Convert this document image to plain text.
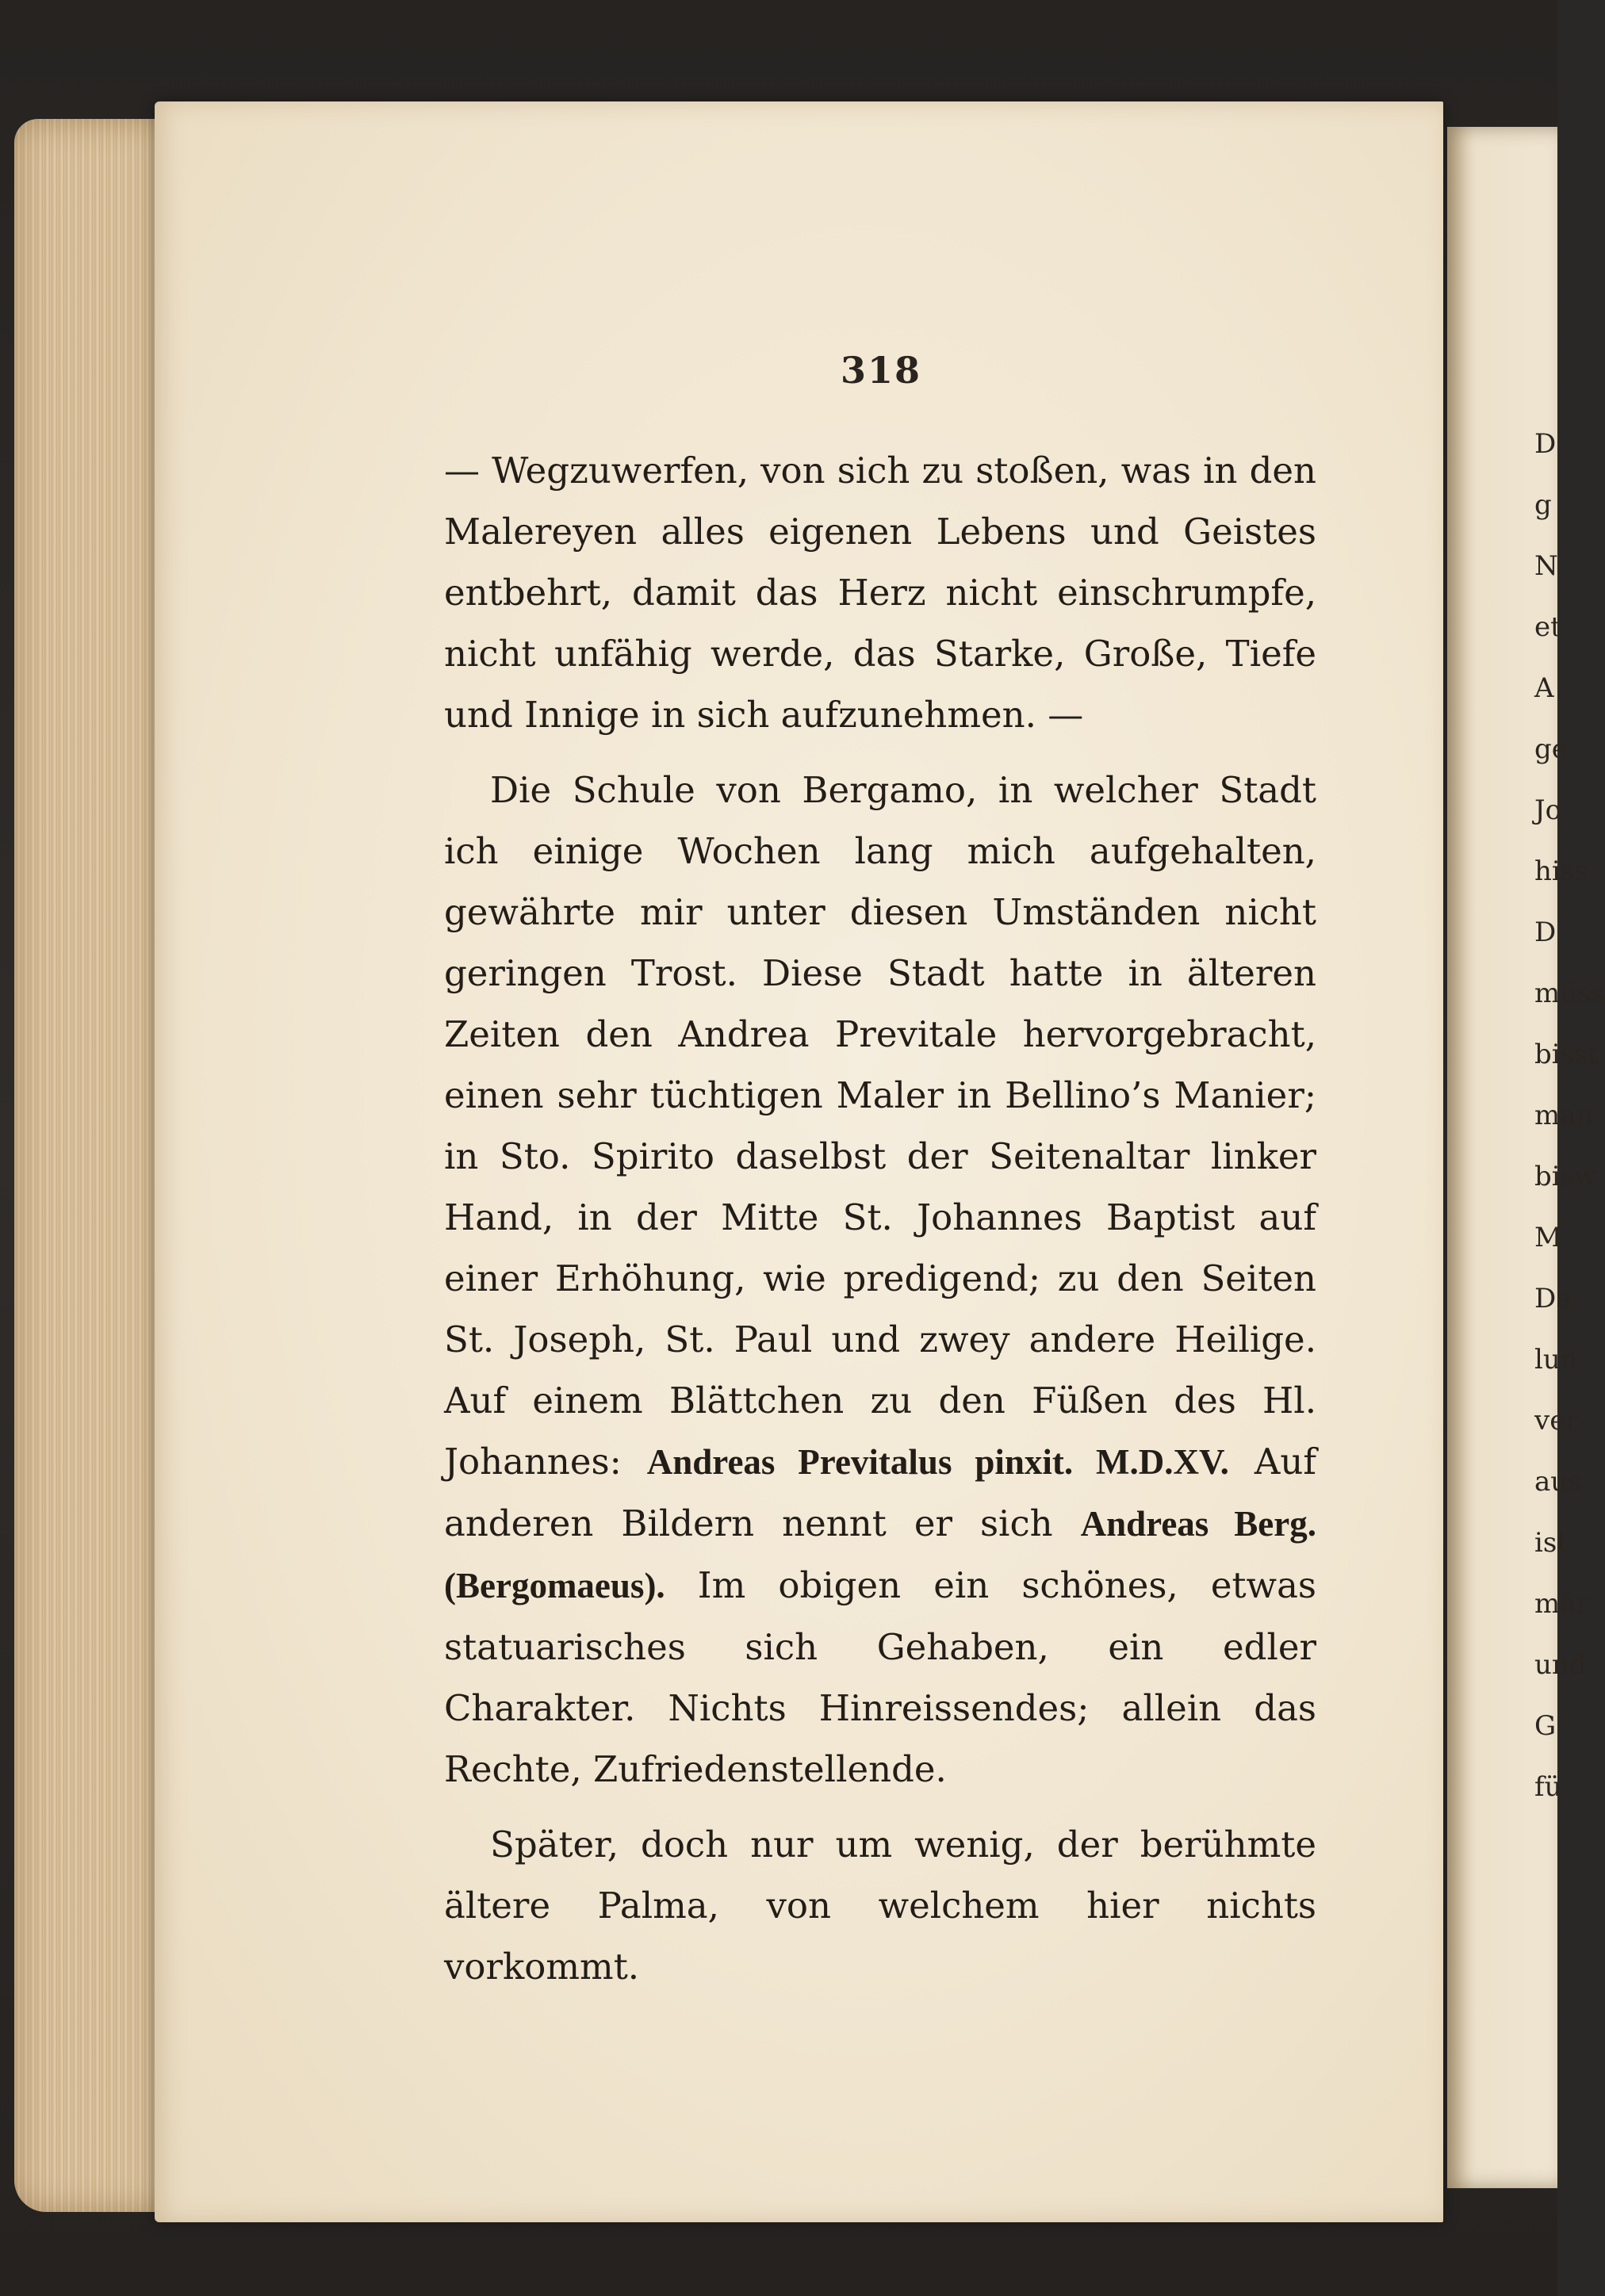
D
g
N
et
A
ge
Jo
hiss
D
müss
bisst
man
bisw
M
Da
lun
ver
aus
ist
mär
und
G
fü
318

— Wegzuwerfen, von sich zu stoßen, was in den Malereyen alles eigenen Lebens und Geistes entbehrt, damit das Herz nicht einschrumpfe, nicht unfähig werde, das Starke, Große, Tiefe und Innige in sich aufzunehmen. —

Die Schule von Bergamo, in welcher Stadt ich einige Wochen lang mich aufgehalten, gewährte mir unter diesen Umständen nicht geringen Trost. Diese Stadt hatte in älteren Zeiten den Andrea Previtale hervorgebracht, einen sehr tüchtigen Maler in Bellino’s Manier; in Sto. Spirito daselbst der Seitenaltar linker Hand, in der Mitte St. Johannes Baptist auf einer Erhöhung, wie predigend; zu den Seiten St. Joseph, St. Paul und zwey andere Heilige. Auf einem Blättchen zu den Füßen des Hl. Johannes: Andreas Previtalus pinxit. M.D.XV. Auf anderen Bildern nennt er sich Andreas Berg. (Bergomaeus). Im obigen ein schönes, etwas statuarisches sich Gehaben, ein edler Charakter. Nichts Hinreissendes; allein das Rechte, Zufriedenstellende.

Später, doch nur um wenig, der berühmte ältere Palma, von welchem hier nichts vorkommt.
